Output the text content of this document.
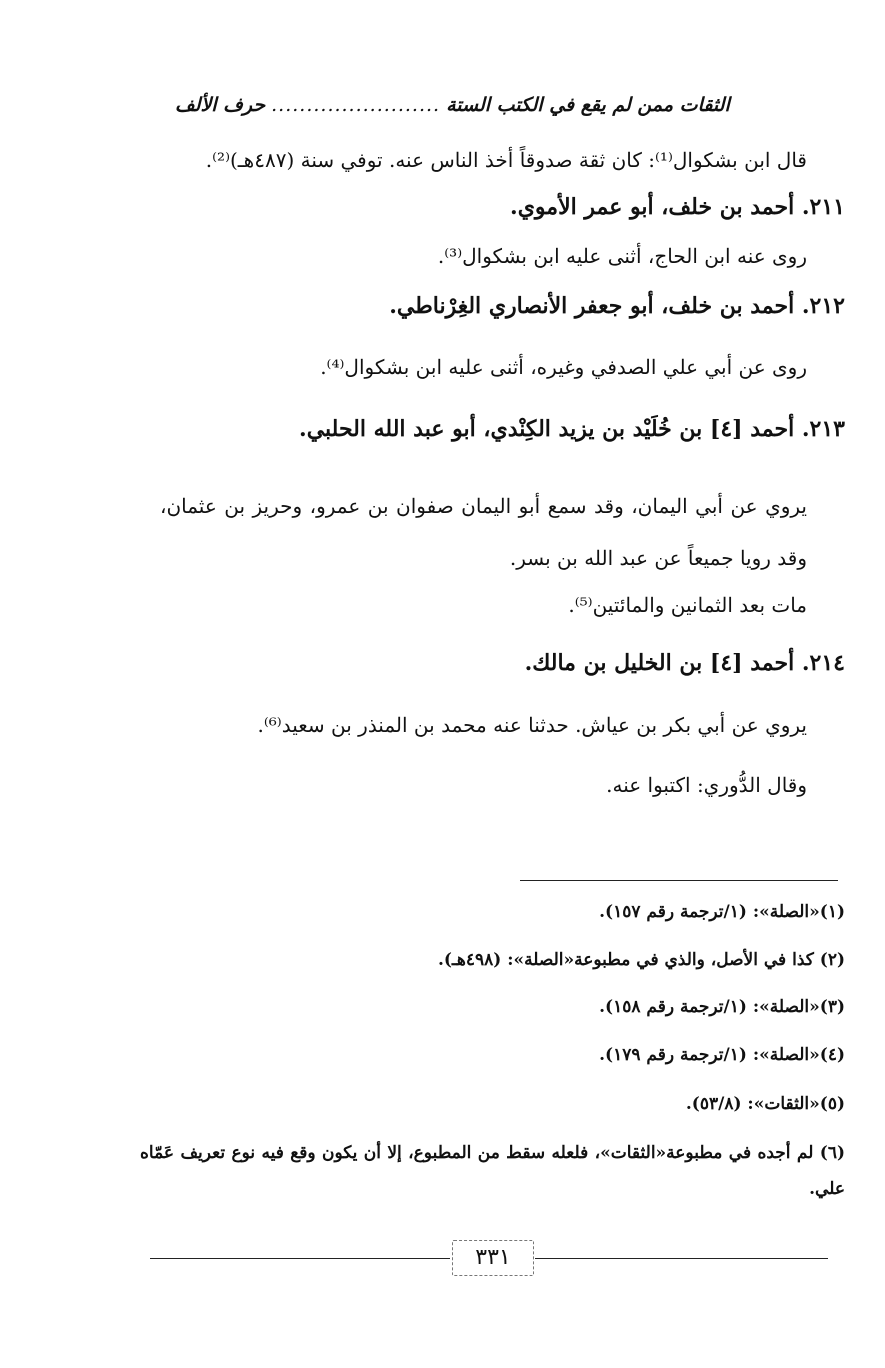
حرف الألف ........................ الثقات ممن لم يقع في الكتب الستة
قال ابن بشكوال⁽¹⁾: كان ثقة صدوقاً أخذ الناس عنه. توفي سنة (٤٨٧هـ)⁽²⁾.
٢١١. أحمد بن خلف، أبو عمر الأموي.
روى عنه ابن الحاج، أثنى عليه ابن بشكوال⁽³⁾.
٢١٢. أحمد بن خلف، أبو جعفر الأنصاري الغِرْناطي.
روى عن أبي علي الصدفي وغيره، أثنى عليه ابن بشكوال⁽⁴⁾.
٢١٣. أحمد [٤] بن خُلَيْد بن يزيد الكِنْدي، أبو عبد الله الحلبي.
يروي عن أبي اليمان، وقد سمع أبو اليمان صفوان بن عمرو، وحريز بن عثمان، وقد رويا جميعاً عن عبد الله بن بسر.
مات بعد الثمانين والمائتين⁽⁵⁾.
٢١٤. أحمد [٤] بن الخليل بن مالك.
يروي عن أبي بكر بن عياش. حدثنا عنه محمد بن المنذر بن سعيد⁽⁶⁾.
وقال الدُّوري: اكتبوا عنه.
(١)«الصلة»: (١/ترجمة رقم ١٥٧).
(٢) كذا في الأصل، والذي في مطبوعة«الصلة»: (٤٩٨هـ).
(٣)«الصلة»: (١/ترجمة رقم ١٥٨).
(٤)«الصلة»: (١/ترجمة رقم ١٧٩).
(٥)«الثقات»: (٥٣/٨).
(٦) لم أجده في مطبوعة«الثقات»، فلعله سقط من المطبوع، إلا أن يكون وقع فيه نوع تعريف عَمّاه علي.
٣٣١
